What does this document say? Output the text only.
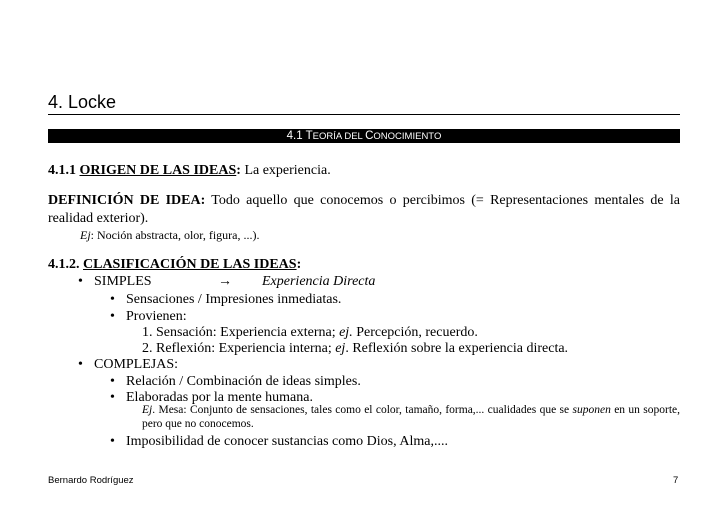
4. Locke
4.1 TEORÍA DEL CONOCIMIENTO
4.1.1 ORIGEN DE LAS IDEAS: La experiencia.
DEFINICIÓN DE IDEA: Todo aquello que conocemos o percibimos (= Representaciones mentales de la realidad exterior).
Ej: Noción abstracta, olor, figura, ...).
4.1.2. CLASIFICACIÓN DE LAS IDEAS:
• SIMPLES	→ Experiencia Directa
• Sensaciones / Impresiones inmediatas.
• Provienen:
1. Sensación: Experiencia externa; ej. Percepción, recuerdo.
2. Reflexión: Experiencia interna; ej. Reflexión sobre la experiencia directa.
• COMPLEJAS:
• Relación / Combinación de ideas simples.
• Elaboradas por la mente humana.
Ej. Mesa: Conjunto de sensaciones, tales como el color, tamaño, forma,... cualidades que se suponen en un soporte, pero que no conocemos.
• Imposibilidad de conocer sustancias como Dios, Alma,....
Bernardo Rodríguez	7
